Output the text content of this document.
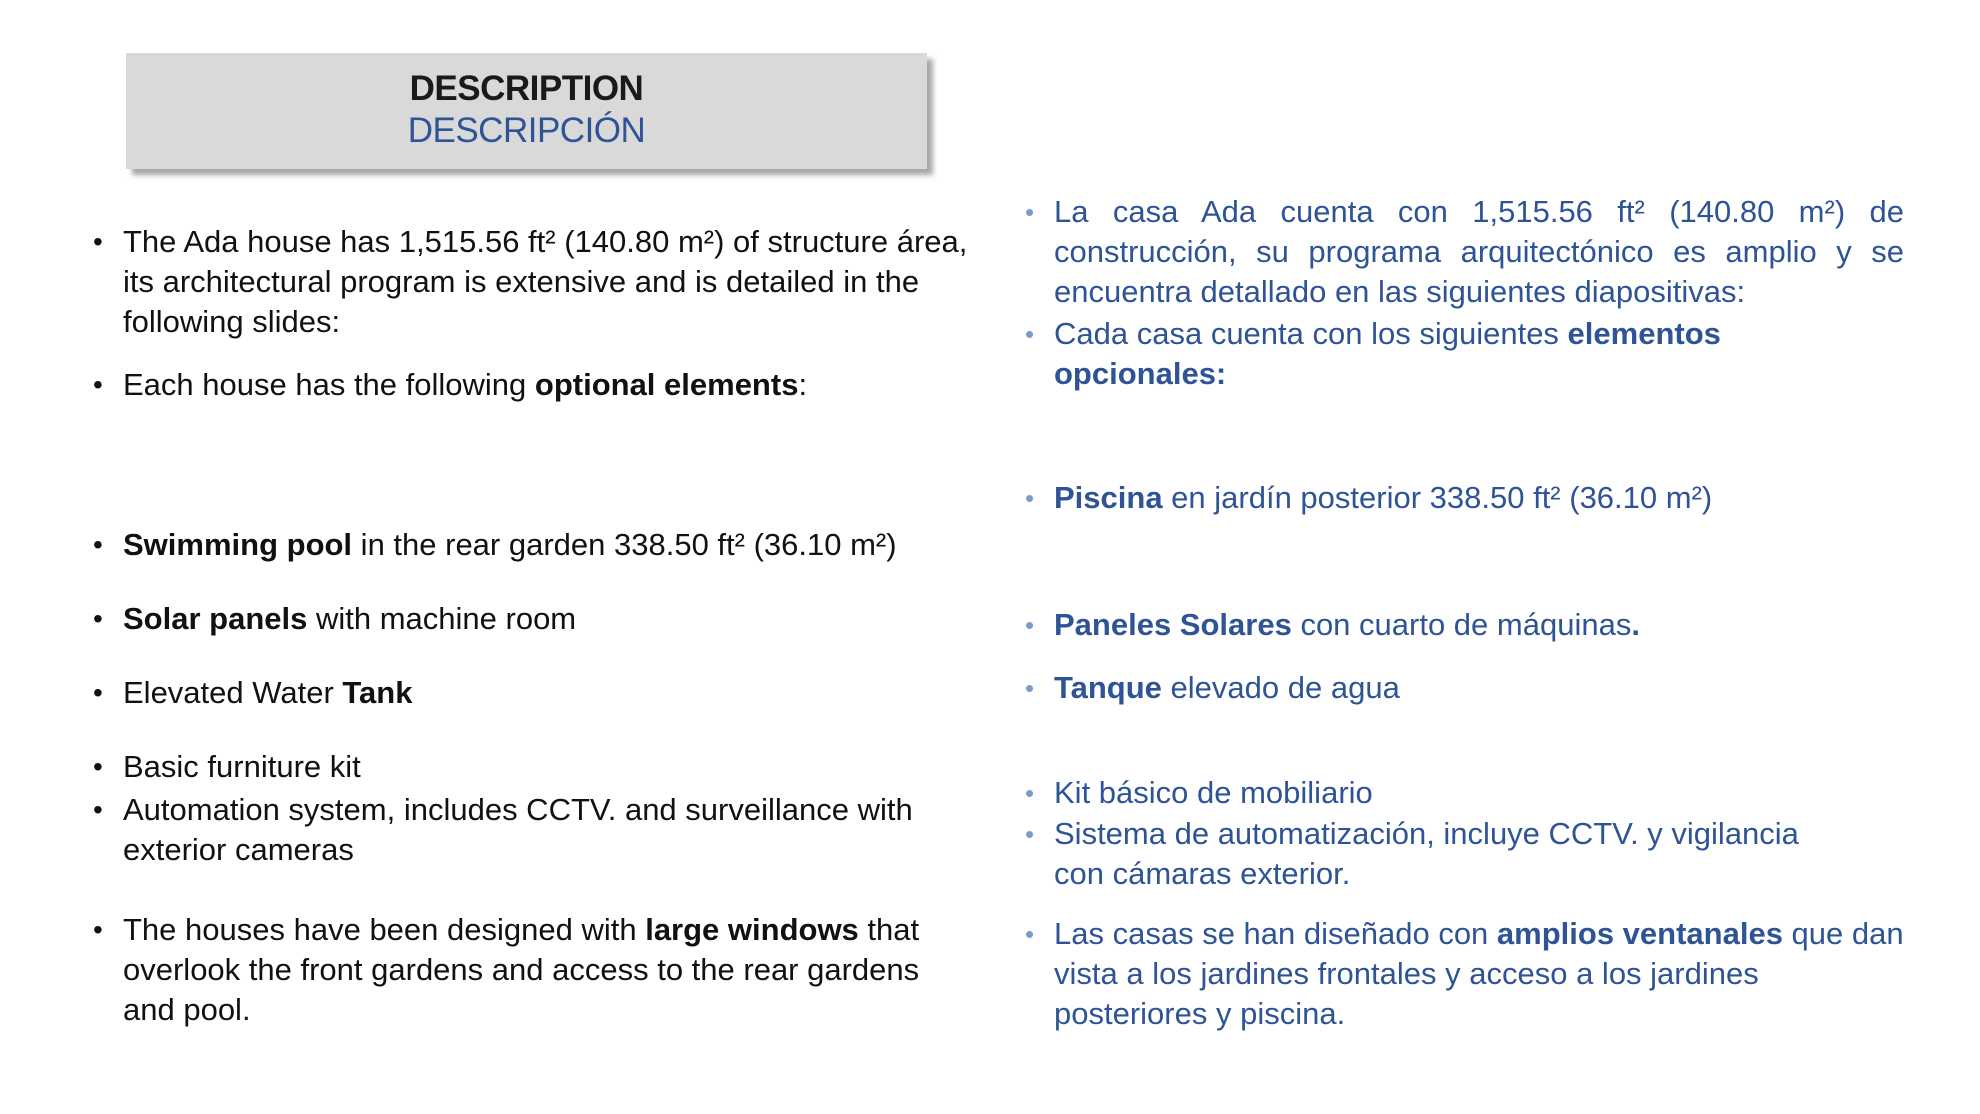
DESCRIPTION
DESCRIPCIÓN
• The Ada house has 1,515.56 ft² (140.80 m²) of structure área, its architectural program is extensive and is detailed in the following slides:
• Each house has the following optional elements:
• Swimming pool in the rear garden 338.50 ft² (36.10 m²)
• Solar panels with machine room
• Elevated Water Tank
• Basic furniture kit
• Automation system, includes CCTV. and surveillance with exterior cameras
• The houses have been designed with large windows that overlook the front gardens and access to the rear gardens and pool.
• La casa Ada cuenta con 1,515.56 ft² (140.80 m²) de construcción, su programa arquitectónico es amplio y se encuentra detallado en las siguientes diapositivas:
• Cada casa cuenta con los siguientes elementos opcionales:
• Piscina en jardín posterior 338.50 ft² (36.10 m²)
• Paneles Solares con cuarto de máquinas.
• Tanque elevado de agua
• Kit básico de mobiliario
• Sistema de automatización, incluye CCTV. y vigilancia con cámaras exterior.
• Las casas se han diseñado con amplios ventanales que dan vista a los jardines frontales y acceso a los jardines posteriores y piscina.
